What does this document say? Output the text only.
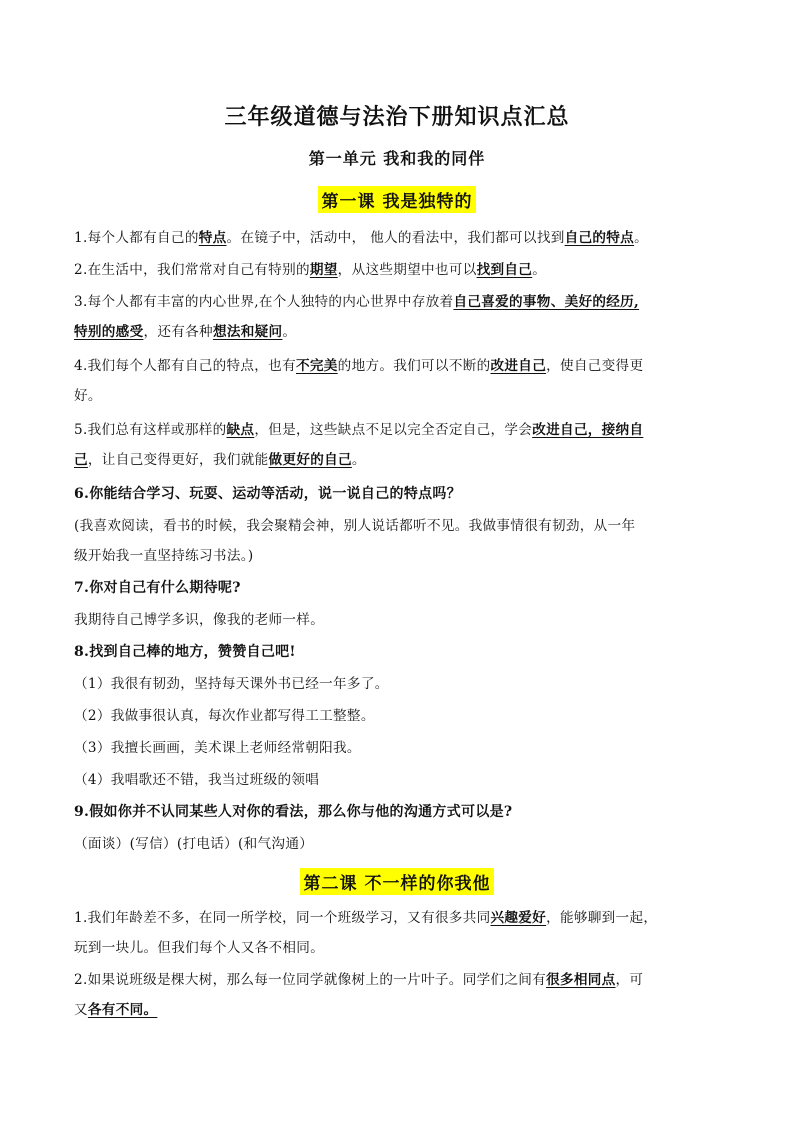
三年级道德与法治下册知识点汇总
第一单元 我和我的同伴
第一课 我是独特的
1.每个人都有自己的特点。在镜子中，活动中， 他人的看法中，我们都可以找到自己的特点。
2.在生活中，我们常常对自己有特别的期望，从这些期望中也可以找到自己。
3.每个人都有丰富的内心世界,在个人独特的内心世界中存放着自己喜爱的事物、美好的经历,
特别的感受，还有各种想法和疑问。
4.我们每个人都有自己的特点，也有不完美的地方。我们可以不断的改进自己，使自己变得更
好。
5.我们总有这样或那样的缺点，但是，这些缺点不足以完全否定自己，学会改进自己，接纳自
己，让自己变得更好，我们就能做更好的自己。
6.你能结合学习、玩耍、运动等活动，说一说自己的特点吗？
(我喜欢阅读，看书的时候，我会聚精会神，别人说话都听不见。我做事情很有韧劲，从一年
级开始我一直坚持练习书法。)
7.你对自己有什么期待呢?
我期待自己博学多识，像我的老师一样。
8.找到自己棒的地方，赞赞自己吧!
（1）我很有韧劲，坚持每天课外书已经一年多了。
（2）我做事很认真，每次作业都写得工工整整。
（3）我擅长画画，美术课上老师经常朝阳我。
（4）我唱歌还不错，我当过班级的领唱
9.假如你并不认同某些人对你的看法，那么你与他的沟通方式可以是?
（面谈）(写信）(打电话）(和气沟通）
第二课 不一样的你我他
1.我们年龄差不多，在同一所学校，同一个班级学习，又有很多共同兴趣爱好，能够聊到一起，
玩到一块儿。但我们每个人又各不相同。
2.如果说班级是棵大树，那么每一位同学就像树上的一片叶子。同学们之间有很多相同点，可
又各有不同。
